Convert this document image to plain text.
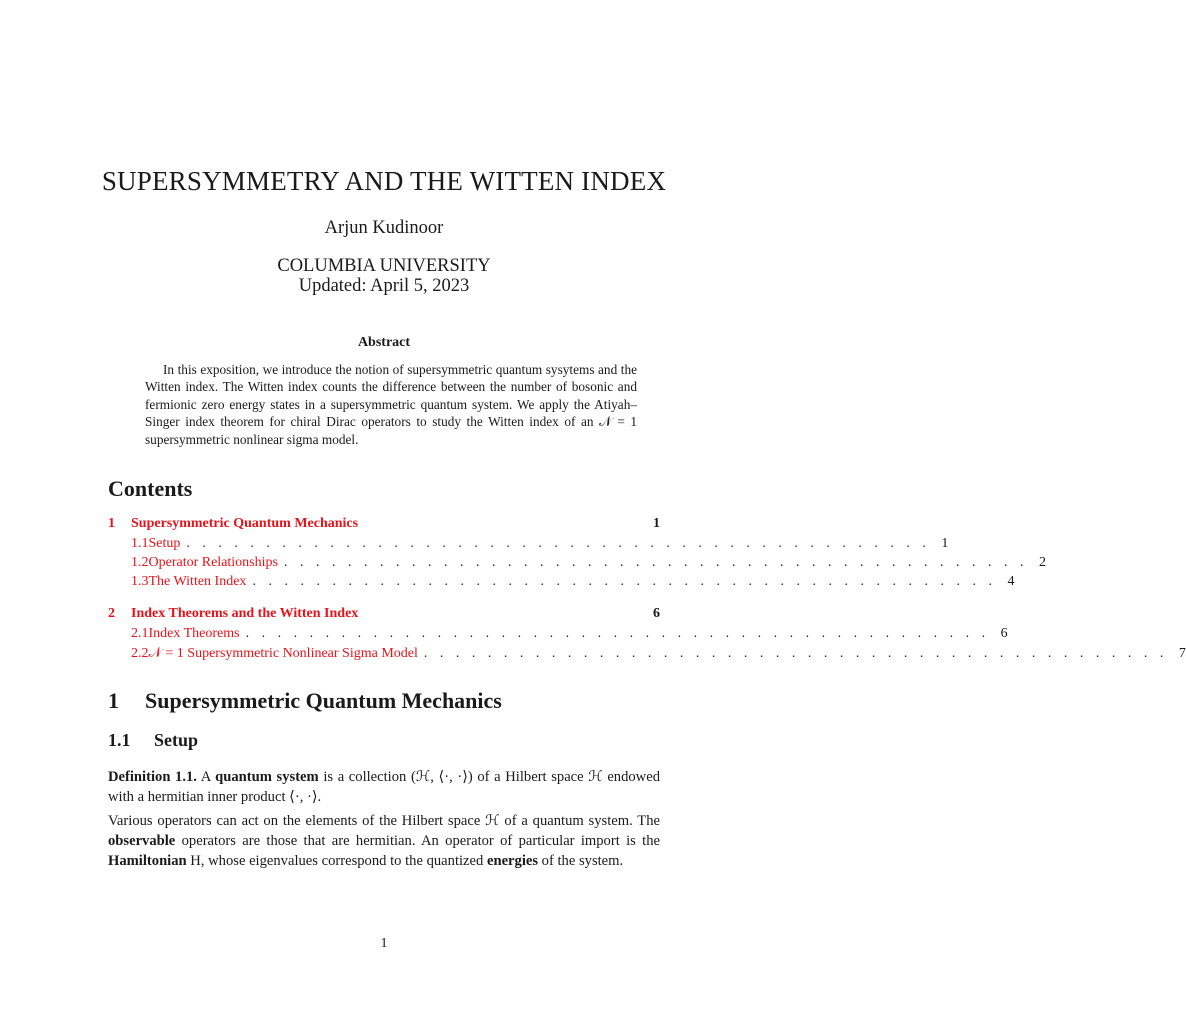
SUPERSYMMETRY AND THE WITTEN INDEX
Arjun Kudinoor
COLUMBIA UNIVERSITY
Updated: April 5, 2023
Abstract
In this exposition, we introduce the notion of supersymmetric quantum sysytems and the Witten index. The Witten index counts the difference between the number of bosonic and fermionic zero energy states in a supersymmetric quantum system. We apply the Atiyah–Singer index theorem for chiral Dirac operators to study the Witten index of an 𝒩 = 1 supersymmetric nonlinear sigma model.
Contents
1	Supersymmetric Quantum Mechanics	1
1.1 Setup . . . . . . . . . . . . . . . . . . . . . . . . . . . . . . . . . . . . . . . . . . . . . . . 1
1.2 Operator Relationships . . . . . . . . . . . . . . . . . . . . . . . . . . . . . . . . . . . . . . . . . . . . . . . 2
1.3 The Witten Index . . . . . . . . . . . . . . . . . . . . . . . . . . . . . . . . . . . . . . . . . . . . . . . 4
2	Index Theorems and the Witten Index	6
2.1 Index Theorems . . . . . . . . . . . . . . . . . . . . . . . . . . . . . . . . . . . . . . . . . . . . . . . 6
2.2 𝒩 = 1 Supersymmetric Nonlinear Sigma Model . . . . . . . . . . . . . . . . . . . . . . . . . . . . . . . . . . . . . . . . . . . . . . . 7
1 Supersymmetric Quantum Mechanics
1.1 Setup
Definition 1.1. A quantum system is a collection (ℋ, ⟨·, ·⟩) of a Hilbert space ℋ endowed with a hermitian inner product ⟨·, ·⟩.
Various operators can act on the elements of the Hilbert space ℋ of a quantum system. The observable operators are those that are hermitian. An operator of particular import is the Hamiltonian H, whose eigenvalues correspond to the quantized energies of the system.
1
